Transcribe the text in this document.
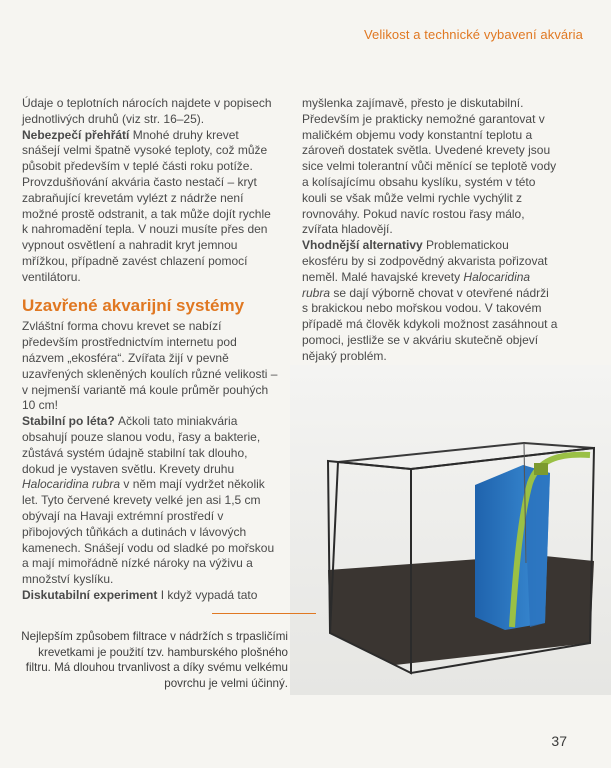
Velikost a technické vybavení akvária

Údaje o teplotních nárocích najdete v popisech jednotlivých druhů (viz str. 16–25).

Nebezpečí přehřátí Mnohé druhy krevet snášejí velmi špatně vysoké teploty, což může působit především v teplé části roku potíže. Provzdušňování akvária často nestačí – kryt zabraňující krevetám vylézt z nádrže není možné prostě odstranit, a tak může dojít rychle k nahromadění tepla. V nouzi musíte přes den vypnout osvětlení a nahradit kryt jemnou mřížkou, případně zavést chlazení pomocí ventilátoru.

Uzavřené akvarijní systémy

Zvláštní forma chovu krevet se nabízí především prostřednictvím internetu pod názvem „ekosféra“. Zvířata žijí v pevně uzavřených skleněných koulích různé velikosti – v nejmenší variantě má koule průměr pouhých 10 cm!

Stabilní po létа? Ačkoli tato miniakvária obsahují pouze slanou vodu, řasy a bakterie, zůstává systém údajně stabilní tak dlouho, dokud je vystaven světlu. Krevety druhu Halocaridina rubra v něm mají vydržet několik let. Tyto červené krevety velké jen asi 1,5 cm obývají na Havaji extrémní prostředí v přibojových tůňkách a dutinách v lávových kamenech. Snášejí vodu od sladké po mořskou a mají mimořádně nízké nároky na výživu a množství kyslíku.

Diskutabilní experiment I když vypadá tato

myšlenka zajímavě, přesto je diskutabilní. Především je prakticky nemožné garantovat v maličkém objemu vody konstantní teplotu a zároveň dostatek světla. Uvedené krevety jsou sice velmi tolerantní vůči měnící se teplotě vody a kolísajícímu obsahu kyslíku, systém v této kouli se však může velmi rychle vychýlit z rovnováhy. Pokud navíc rostou řasy málo, zvířata hladovějí.

Vhodnější alternativy Problematickou ekosféru by si zodpovědný akvarista pořizovat neměl. Malé havajské krevety Halocaridina rubra se dají výborně chovat v otevřené nádrži s brakickou nebo mořskou vodou. V takovém případě má člověk kdykoli možnost zasáhnout a pomoci, jestliže se v akváriu skutečně objeví nějaký problém.

Nejlepším způsobem filtrace v nádržích s trpasličími krevetkami je použití tzv. hamburského plošného filtru. Má dlouhou trvanlivost a díky svému velkému povrchu je velmi účinný.
37
